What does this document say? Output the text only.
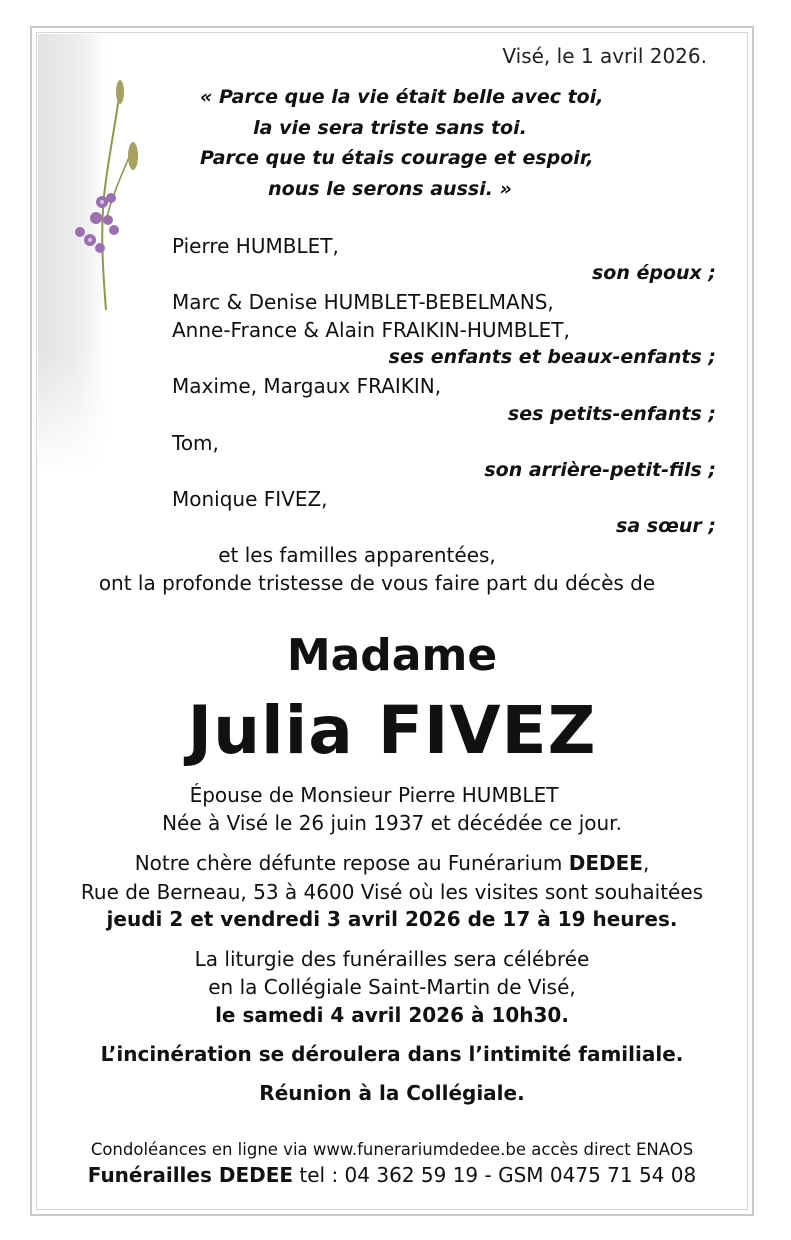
Visé, le 1 avril 2026.
« Parce que la vie était belle avec toi,
la vie sera triste sans toi.
Parce que tu étais courage et espoir,
nous le serons aussi. »
Pierre HUMBLET,
son époux ;
Marc & Denise HUMBLET-BEBELMANS,
Anne-France & Alain FRAIKIN-HUMBLET,
ses enfants et beaux-enfants ;
Maxime, Margaux FRAIKIN,
ses petits-enfants ;
Tom,
son arrière-petit-fils ;
Monique FIVEZ,
sa sœur ;
et les familles apparentées,
ont la profonde tristesse de vous faire part du décès de
Madame
Julia FIVEZ
Épouse de Monsieur Pierre HUMBLET
Née à Visé le 26 juin 1937 et décédée ce jour.
Notre chère défunte repose au Funérarium DEDEE,
Rue de Berneau, 53 à 4600 Visé où les visites sont souhaitées
jeudi 2 et vendredi 3 avril 2026 de 17 à 19 heures.
La liturgie des funérailles sera célébrée
en la Collégiale Saint-Martin de Visé,
le samedi 4 avril 2026 à 10h30.
L’incinération se déroulera dans l’intimité familiale.
Réunion à la Collégiale.
Condoléances en ligne via www.funerariumdedee.be accès direct ENAOS
Funérailles DEDEE tel : 04 362 59 19 - GSM 0475 71 54 08
